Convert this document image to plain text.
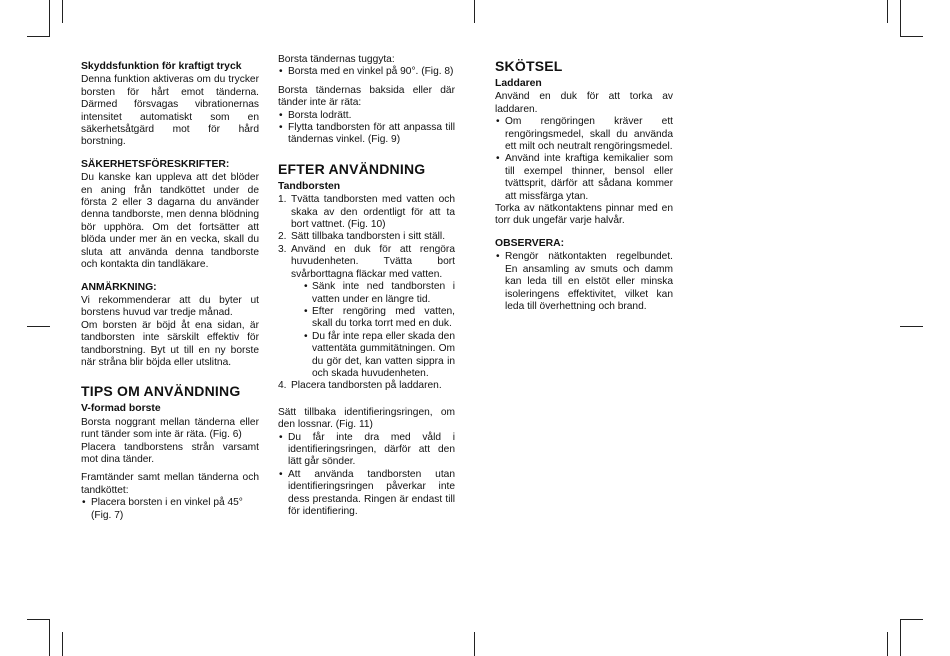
Skyddsfunktion för kraftigt tryck

Denna funktion aktiveras om du trycker borsten för hårt emot tänderna. Därmed försvagas vibrationernas intensitet automatiskt som en säkerhetsåtgärd mot för hård borstning.

SÄKERHETSFÖRESKRIFTER:

Du kanske kan uppleva att det blöder en aning från tandköttet under de första 2 eller 3 dagarna du använder denna tandborste, men denna blödning bör upphöra. Om det fortsätter att blöda under mer än en vecka, skall du sluta att använda denna tandborste och kontakta din tandläkare.

ANMÄRKNING:

Vi rekommenderar att du byter ut borstens huvud var tredje månad.

Om borsten är böjd åt ena sidan, är tandborsten inte särskilt effektiv för tandborstning. Byt ut till en ny borste när stråna blir böjda eller utslitna.

TIPS OM ANVÄNDNING

V-formad borste

Borsta noggrant mellan tänderna eller runt tänder som inte är räta. (Fig. 6)

Placera tandborstens strån varsamt mot dina tänder.

Framtänder samt mellan tänderna och tandköttet:

• Placera borsten i en vinkel på 45° (Fig. 7)

Borsta tändernas tuggyta:

• Borsta med en vinkel på 90°. (Fig. 8)

Borsta tändernas baksida eller där tänder inte är räta:

• Borsta lodrätt.
• Flytta tandborsten för att anpassa till tändernas vinkel. (Fig. 9)

EFTER ANVÄNDNING

Tandborsten

1. Tvätta tandborsten med vatten och skaka av den ordentligt för att ta bort vattnet. (Fig. 10)
2. Sätt tillbaka tandborsten i sitt ställ.
3. Använd en duk för att rengöra huvudenheten. Tvätta bort svårborttagna fläckar med vatten.
• Sänk inte ned tandborsten i vatten under en längre tid.
• Efter rengöring med vatten, skall du torka torrt med en duk.
• Du får inte repa eller skada den vattentäta gummitätningen. Om du gör det, kan vatten sippra in och skada huvudenheten.
4. Placera tandborsten på laddaren.

Sätt tillbaka identifieringsringen, om den lossnar. (Fig. 11)

• Du får inte dra med våld i identifieringsringen, därför att den lätt går sönder.
• Att använda tandborsten utan identifieringsringen påverkar inte dess prestanda. Ringen är endast till för identifiering.

SKÖTSEL

Laddaren

Använd en duk för att torka av laddaren.

• Om rengöringen kräver ett rengöringsmedel, skall du använda ett milt och neutralt rengöringsmedel.
• Använd inte kraftiga kemikalier som till exempel thinner, bensol eller tvättsprit, därför att sådana kommer att missfärga ytan.

Torka av nätkontaktens pinnar med en torr duk ungefär varje halvår.

OBSERVERA:

• Rengör nätkontakten regelbundet. En ansamling av smuts och damm kan leda till en elstöt eller minska isoleringens effektivitet, vilket kan leda till överhettning och brand.
